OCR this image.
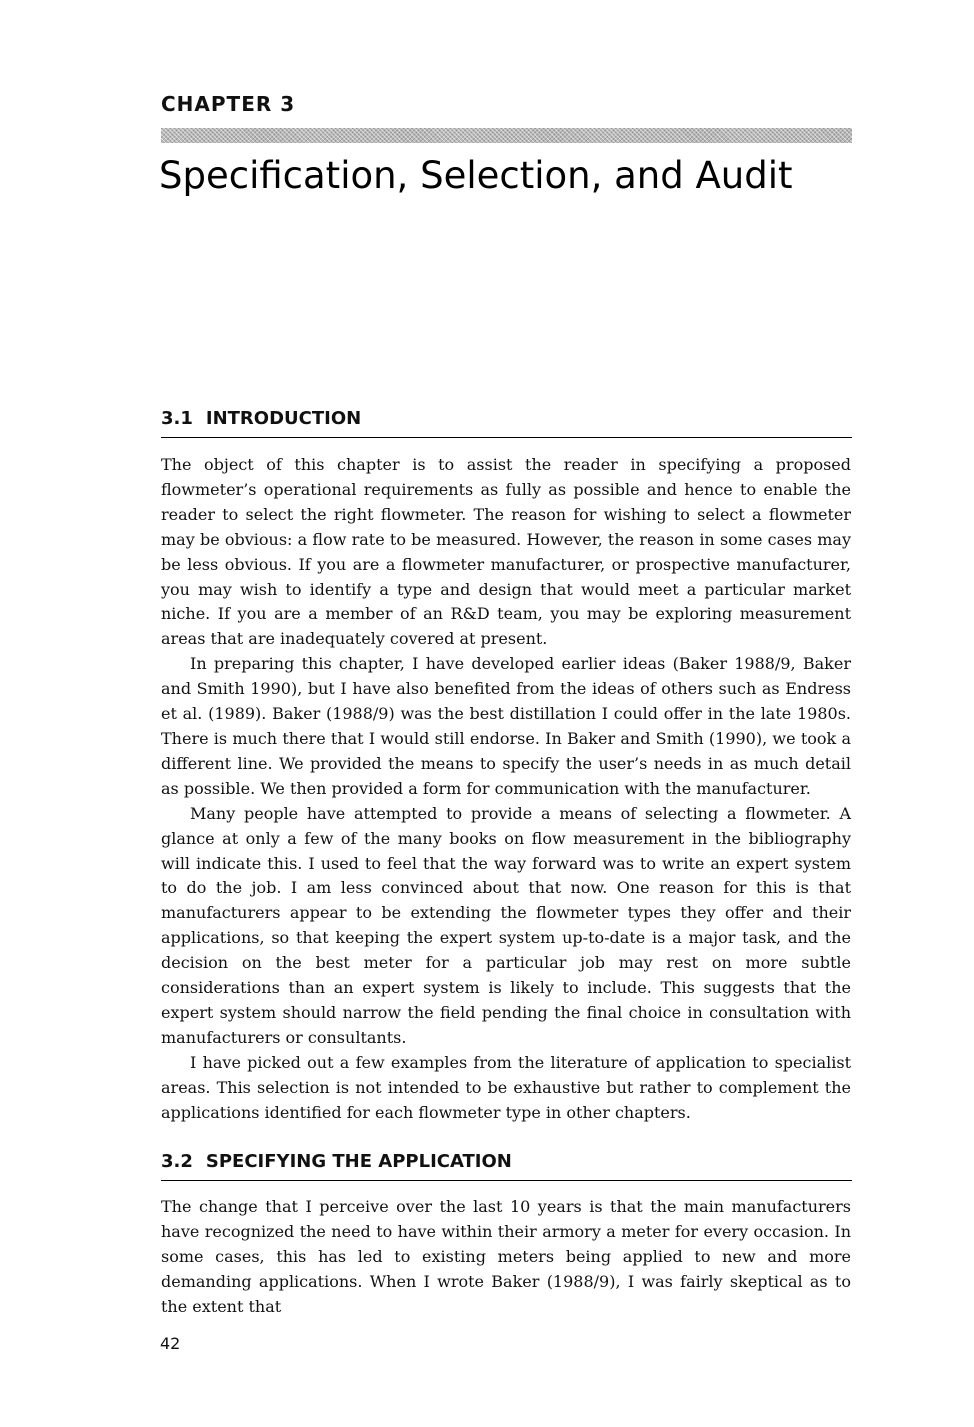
CHAPTER 3
Specification, Selection, and Audit
3.1 INTRODUCTION

The object of this chapter is to assist the reader in specifying a proposed flowmeter’s operational requirements as fully as possible and hence to enable the reader to select the right flowmeter. The reason for wishing to select a flowmeter may be obvious: a flow rate to be measured. However, the reason in some cases may be less obvious. If you are a flowmeter manufacturer, or prospective manufacturer, you may wish to identify a type and design that would meet a particular market niche. If you are a member of an R&D team, you may be exploring measurement areas that are inadequately covered at present.

In preparing this chapter, I have developed earlier ideas (Baker 1988/9, Baker and Smith 1990), but I have also benefited from the ideas of others such as Endress et al. (1989). Baker (1988/9) was the best distillation I could offer in the late 1980s. There is much there that I would still endorse. In Baker and Smith (1990), we took a different line. We provided the means to specify the user’s needs in as much detail as possible. We then provided a form for communication with the manufacturer.

Many people have attempted to provide a means of selecting a flowmeter. A glance at only a few of the many books on flow measurement in the bibliography will indicate this. I used to feel that the way forward was to write an expert system to do the job. I am less convinced about that now. One reason for this is that manufacturers appear to be extending the flowmeter types they offer and their applications, so that keeping the expert system up-to-date is a major task, and the decision on the best meter for a particular job may rest on more subtle considerations than an expert system is likely to include. This suggests that the expert system should narrow the field pending the final choice in consultation with manufacturers or consultants.

I have picked out a few examples from the literature of application to specialist areas. This selection is not intended to be exhaustive but rather to complement the applications identified for each flowmeter type in other chapters.

3.2 SPECIFYING THE APPLICATION

The change that I perceive over the last 10 years is that the main manufacturers have recognized the need to have within their armory a meter for every occasion. In some cases, this has led to existing meters being applied to new and more demanding applications. When I wrote Baker (1988/9), I was fairly skeptical as to the extent that

42
